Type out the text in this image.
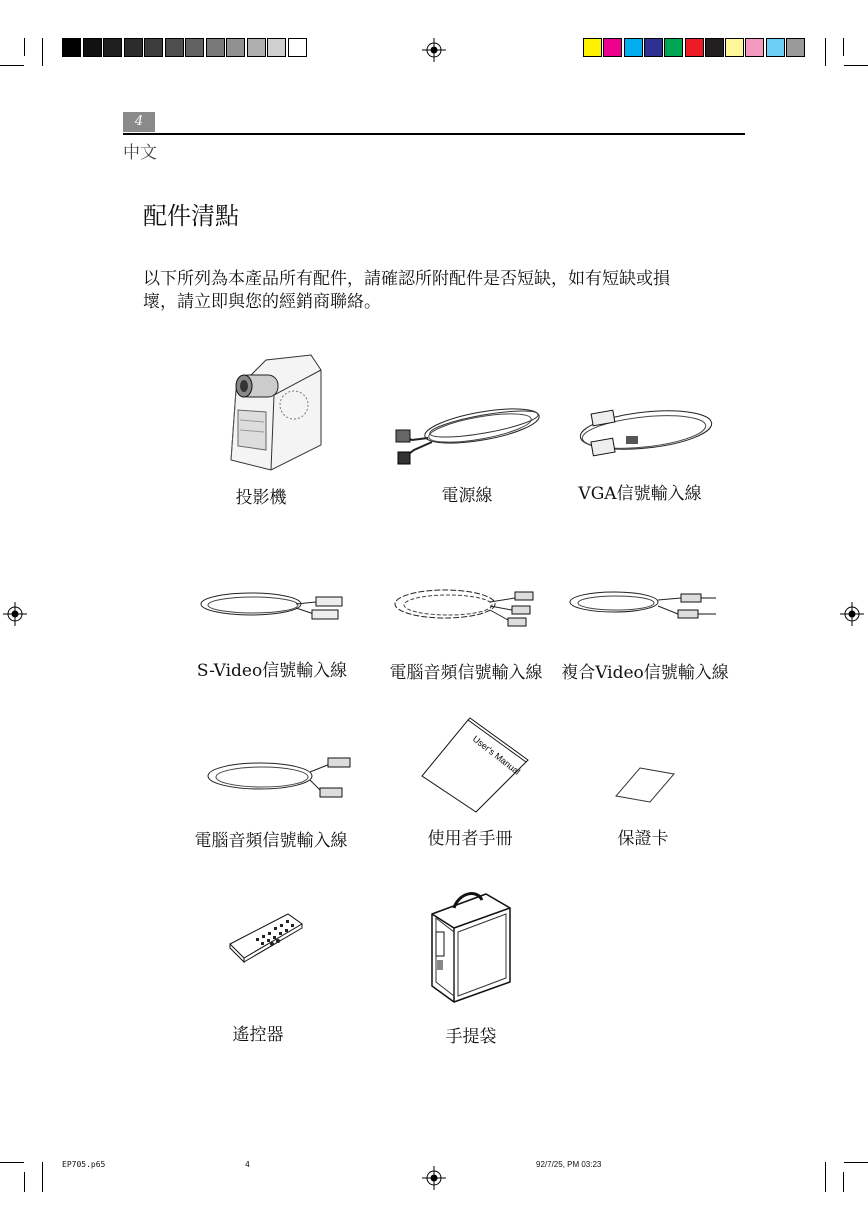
4
中文
配件清點
以下所列為本產品所有配件，請確認所附配件是否短缺，如有短缺或損壞，請立即與您的經銷商聯絡。
投影機	電源線	VGA信號輸入線
S-Video信號輸入線 電腦音頻信號輸入線 複合Video信號輸入線
User's Manual
電腦音頻信號輸入線	使用者手冊	保證卡
遙控器	手提袋
EP705.p65	4	92/7/25, PM 03:23
